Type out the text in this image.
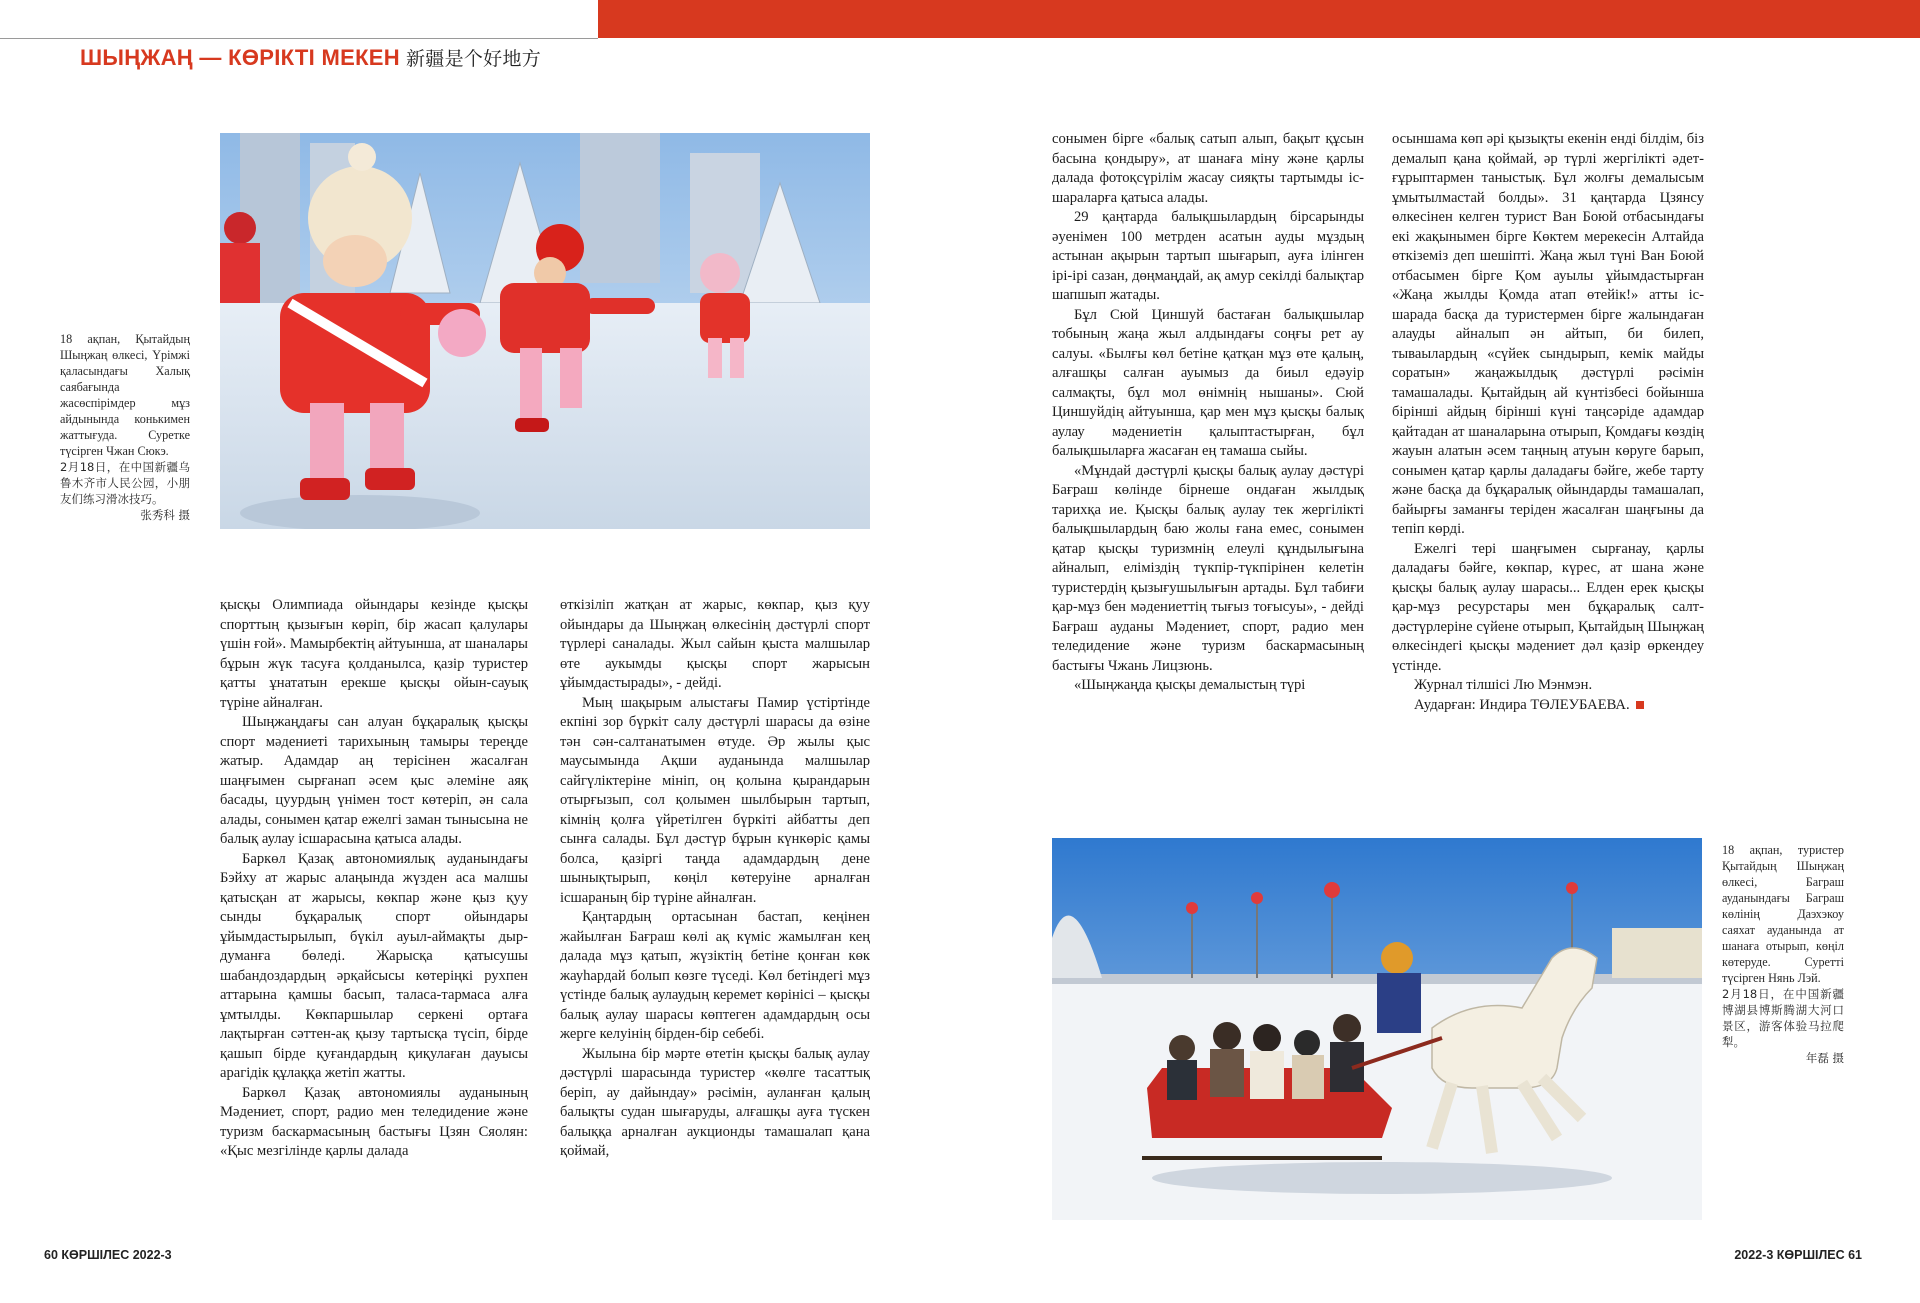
ШЫҢЖАҢ — КӨРІКТІ МЕКЕН 新疆是个好地方

18 ақпан, Қытайдың Шыңжаң өлкесі, Үрімжі қаласындағы Халық саябағында жасөспірімдер мұз айдынында конькимен жаттығуда. Суретке түсірген Чжан Сюкэ.

2月18日，在中国新疆乌鲁木齐市人民公园，小朋友们练习滑冰技巧。

张秀科 摄

қысқы Олимпиада ойындары кезінде қысқы спорттың қызығын көріп, бір жасап қалулары үшін ғой». Мамырбектің айтуынша, ат шаналары бұрын жүк тасуға қолданылса, қазір туристер қатты ұнататын ерекше қысқы ойын-сауық түріне айналған.

Шыңжаңдағы сан алуан бұқаралық қысқы спорт мәдениеті тарихының тамыры тереңде жатыр. Адамдар аң терісінен жасалған шаңғымен сырғанап әсем қыс әлеміне аяқ басады, цуурдың үнімен тост көтеріп, ән сала алады, сонымен қатар ежелгі заман тынысына не балық аулау ісшарасына қатыса алады.

Баркөл Қазақ автономиялық ауданындағы Бэйху ат жарыс алаңында жүзден аса малшы қатысқан ат жарысы, көкпар және қыз қуу сынды бұқаралық спорт ойындары ұйымдастырылып, бүкіл ауыл-аймақты дыр-думанға бөледі. Жарысқа қатысушы шабандоздардың әрқайсысы көтеріңкі рухпен аттарына қамшы басып, таласа-тармаса алға ұмтылды. Көкпаршылар серкені ортаға лақтырған сәттен-ақ қызу тартысқа түсіп, бірде қашып бірде қуғандардың қиқулаған дауысы арагідік құлаққа жетіп жатты.

Баркөл Қазақ автономиялы ауданының Мәдениет, спорт, радио мен теледидение және туризм баскармасының бастығы Цзян Сяолян: «Қыс мезгілінде қарлы далада

өткізіліп жатқан ат жарыс, көкпар, қыз қуу ойындары да Шыңжаң өлкесінің дәстүрлі спорт түрлері саналады. Жыл сайын қыста малшылар өте аукымды қысқы спорт жарысын ұйымдастырады», - дейді.

Мың шақырым алыстағы Памир үстіртінде екпіні зор бүркіт салу дәстүрлі шарасы да өзіне тән сән-салтанатымен өтуде. Әр жылы қыс маусымында Ақши ауданында малшылар сайгүліктеріне мініп, оң қолына қырандарын отырғызып, сол қолымен шылбырын тартып, кімнің қолға үйретілген бүркіті айбатты деп сынға салады. Бұл дәстүр бұрын күнкөріс қамы болса, қазіргі таңда адамдардың дене шынықтырып, көңіл көтеруіне арналған ісшараның бір түріне айналған.

Қаңтардың ортасынан бастап, кеңінен жайылған Бағраш көлі ақ күміс жамылған кең далада мұз қатып, жүзіктің бетіне қонған көк жауһардай болып көзге түседі. Көл бетіндегі мұз үстінде балық аулаудың керемет көрінісі – қысқы балық аулау шарасы көптеген адамдардың осы жерге келуінің бірден-бір себебі.

Жылына бір мәрте өтетін қысқы балық аулау дәстүрлі шарасында туристер «көлге тасаттық беріп, ау дайындау» рәсімін, ауланған қалың балықты судан шығаруды, алғашқы ауға түскен балыққа арналған аукционды тамашалап қана қоймай,

сонымен бірге «балық сатып алып, бақыт құсын басына қондыру», ат шанаға міну және қарлы далада фотоқсүрілім жасау сияқты тартымды іс-шараларға қатыса алады.

29 қаңтарда балықшылардың бірсарынды әуенімен 100 метрден асатын ауды мұздың астынан ақырын тартып шығарып, ауға ілінген ірі-ірі сазан, дөңмаңдай, ақ амур секілді балықтар шапшып жатады.

Бұл Сюй Циншуй бастаған балықшылар тобының жаңа жыл алдындағы соңғы рет ау салуы. «Былғы көл бетіне қатқан мұз өте қалың, алғашқы салған ауымыз да биыл едәуір салмақты, бұл мол өнімнің нышаны». Сюй Циншуйдің айтуынша, қар мен мұз қысқы балық аулау мәдениетін қалыптастырған, бұл балықшыларға жасаған ең тамаша сыйы.

«Мұндай дәстүрлі қысқы балық аулау дәстүрі Бағраш көлінде бірнеше ондаған жылдық тарихқа ие. Қысқы балық аулау тек жергілікті балықшылардың баю жолы ғана емес, сонымен қатар қысқы туризмнің елеулі құндылығына айналып, еліміздің түкпір-түкпірінен келетін туристердің қызығушылығын артады. Бұл табиғи қар-мұз бен мәдениеттің тығыз тоғысуы», - дейді Бағраш ауданы Мәдениет, спорт, радио мен теледидение және туризм баскармасының бастығы Чжань Лицзюнь.

«Шыңжаңда қысқы демалыстың түрі

осыншама көп әрі қызықты екенін енді білдім, біз демалып қана қоймай, әр түрлі жергілікті әдет-ғұрыптармен таныстық. Бұл жолғы демалысым ұмытылмастай болды». 31 қаңтарда Цзянсу өлкесінен келген турист Ван Боюй отбасындағы екі жақынымен бірге Көктем мерекесін Алтайда өткіземіз деп шешіпті. Жаңа жыл түні Ван Боюй отбасымен бірге Қом ауылы ұйымдастырған «Жаңа жылды Қомда атап өтейік!» атты іс-шарада басқа да туристермен бірге жалындаған алауды айналып ән айтып, би билеп, тываылардың «сүйек сындырып, кемік майды соратын» жаңажылдық дәстүрлі рәсімін тамашалады. Қытайдың ай күнтізбесі бойынша бірінші айдың бірінші күні таңсәріде адамдар қайтадан ат шаналарына отырып, Қомдағы көздің жауын алатын әсем таңның атуын көруге барып, сонымен қатар қарлы даладағы бәйге, жебе тарту және басқа да бұқаралық ойындарды тамашалап, байырғы заманғы теріден жасалған шаңғыны да тепіп көрді.

Ежелгі тері шаңғымен сырғанау, қарлы даладағы бәйге, көкпар, күрес, ат шана және қысқы балық аулау шарасы... Елден ерек қысқы қар-мұз ресурстары мен бұқаралық салт-дәстүрлеріне сүйене отырып, Қытайдың Шыңжаң өлкесіндегі қысқы мәдениет дәл қазір өркендеу үстінде.

Журнал тілшісі Лю Мэнмэн.

Аударған: Индира ТӨЛЕУБАЕВА.

18 ақпан, туристер Қытайдың Шыңжаң өлкесі, Баграш ауданындағы Баграш көлінің Даэхэкоу саяхат ауданында ат шанаға отырып, көңіл көтеруде. Суретті түсірген Нянь Лэй.

2月18日，在中国新疆博湖县博斯腾湖大河口景区，游客体验马拉爬犁。

年磊 摄

60 КӨРШІЛЕС 2022-3	2022-3 КӨРШІЛЕС 61
